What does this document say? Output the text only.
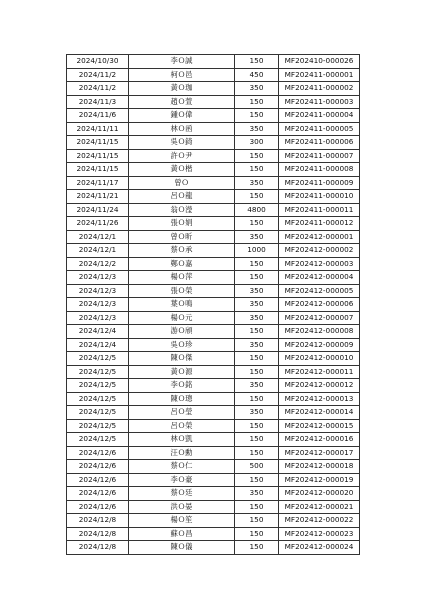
2024/10/30	李Ｏ誠	150	MF202410-000026
2024/11/2	柯Ｏ邑	450	MF202411-000001
2024/11/2	黃Ｏ珈	350	MF202411-000002
2024/11/3	趙Ｏ萱	150	MF202411-000003
2024/11/6	鍾Ｏ偉	150	MF202411-000004
2024/11/11	林Ｏ函	350	MF202411-000005
2024/11/15	吳Ｏ錡	300	MF202411-000006
2024/11/15	許Ｏ尹	150	MF202411-000007
2024/11/15	黃Ｏ楷	150	MF202411-000008
2024/11/17	曾Ｏ	350	MF202411-000009
2024/11/21	呂Ｏ龍	150	MF202411-000010
2024/11/24	翁Ｏ瀅	4800	MF202411-000011
2024/11/26	張Ｏ娟	150	MF202411-000012
2024/12/1	曾Ｏ昕	350	MF202412-000001
2024/12/1	蔡Ｏ承	1000	MF202412-000002
2024/12/2	鄭Ｏ嘉	150	MF202412-000003
2024/12/3	楊Ｏ萍	150	MF202412-000004
2024/12/3	張Ｏ榮	350	MF202412-000005
2024/12/3	葉Ｏ鳴	350	MF202412-000006
2024/12/3	楊Ｏ元	350	MF202412-000007
2024/12/4	游Ｏ頎	150	MF202412-000008
2024/12/4	吳Ｏ珍	350	MF202412-000009
2024/12/5	陳Ｏ傑	150	MF202412-000010
2024/12/5	黃Ｏ源	150	MF202412-000011
2024/12/5	李Ｏ銘	350	MF202412-000012
2024/12/5	陳Ｏ璁	150	MF202412-000013
2024/12/5	呂Ｏ瑩	350	MF202412-000014
2024/12/5	呂Ｏ榮	150	MF202412-000015
2024/12/5	林Ｏ凱	150	MF202412-000016
2024/12/6	汪Ｏ勳	150	MF202412-000017
2024/12/6	蔡Ｏ仁	500	MF202412-000018
2024/12/6	李Ｏ豪	150	MF202412-000019
2024/12/6	蔡Ｏ廷	350	MF202412-000020
2024/12/6	洪Ｏ晏	150	MF202412-000021
2024/12/8	楊Ｏ笙	150	MF202412-000022
2024/12/8	蘇Ｏ昌	150	MF202412-000023
2024/12/8	陳Ｏ儀	150	MF202412-000024
